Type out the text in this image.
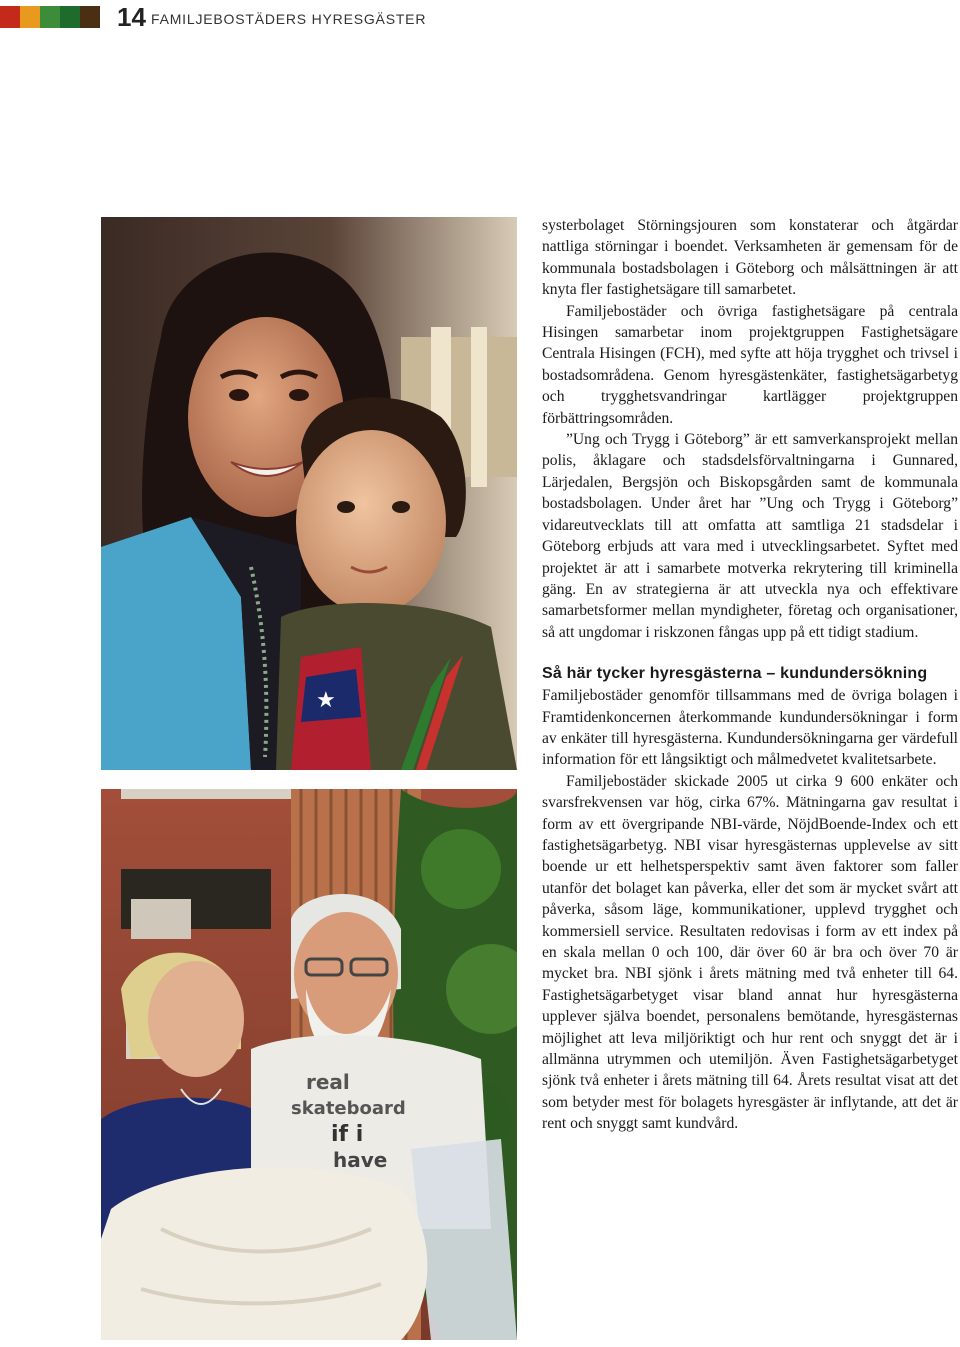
14 FAMILJEBOSTÄDERS HYRESGÄSTER
★
real
skateboard
if i
have

systerbolaget Störningsjouren som konstaterar och åtgärdar nattliga störningar i boendet. Verksamheten är gemensam för de kommunala bostadsbolagen i Göteborg och målsättningen är att knyta fler fastighetsägare till samarbetet.

Familjebostäder och övriga fastighetsägare på centrala Hisingen samarbetar inom projektgruppen Fastighetsägare Centrala Hisingen (FCH), med syfte att höja trygghet och trivsel i bostadsområdena. Genom hyresgästenkäter, fastighetsägarbetyg och trygghetsvandringar kartlägger projektgruppen förbättringsområden.

”Ung och Trygg i Göteborg” är ett samverkansprojekt mellan polis, åklagare och stadsdelsförvaltningarna i Gunnared, Lärjedalen, Bergsjön och Biskopsgården samt de kommunala bostadsbolagen. Under året har ”Ung och Trygg i Göteborg” vidareutvecklats till att omfatta att samtliga 21 stadsdelar i Göteborg erbjuds att vara med i utvecklingsarbetet. Syftet med projektet är att i samarbete motverka rekrytering till kriminella gäng. En av strategierna är att utveckla nya och effektivare samarbetsformer mellan myndigheter, företag och organisationer, så att ungdomar i riskzonen fångas upp på ett tidigt stadium.

Så här tycker hyresgästerna – kundundersökning

Familjebostäder genomför tillsammans med de övriga bolagen i Framtidenkoncernen återkommande kundundersökningar i form av enkäter till hyresgästerna. Kundundersökningarna ger värdefull information för ett långsiktigt och målmedvetet kvalitetsarbete.

Familjebostäder skickade 2005 ut cirka 9 600 enkäter och svarsfrekvensen var hög, cirka 67%. Mätningarna gav resultat i form av ett övergripande NBI-värde, NöjdBoende-Index och ett fastighetsägarbetyg. NBI visar hyresgästernas upplevelse av sitt boende ur ett helhetsperspektiv samt även faktorer som faller utanför det bolaget kan påverka, eller det som är mycket svårt att påverka, såsom läge, kommunikationer, upplevd trygghet och kommersiell service. Resultaten redovisas i form av ett index på en skala mellan 0 och 100, där över 60 är bra och över 70 är mycket bra. NBI sjönk i årets mätning med två enheter till 64. Fastighetsägarbetyget visar bland annat hur hyresgästerna upplever själva boendet, personalens bemötande, hyresgästernas möjlighet att leva miljöriktigt och hur rent och snyggt det är i allmänna utrymmen och utemiljön. Även Fastighetsägarbetyget sjönk två enheter i årets mätning till 64. Årets resultat visat att det som betyder mest för bolagets hyresgäster är inflytande, att det är rent och snyggt samt kundvård.
